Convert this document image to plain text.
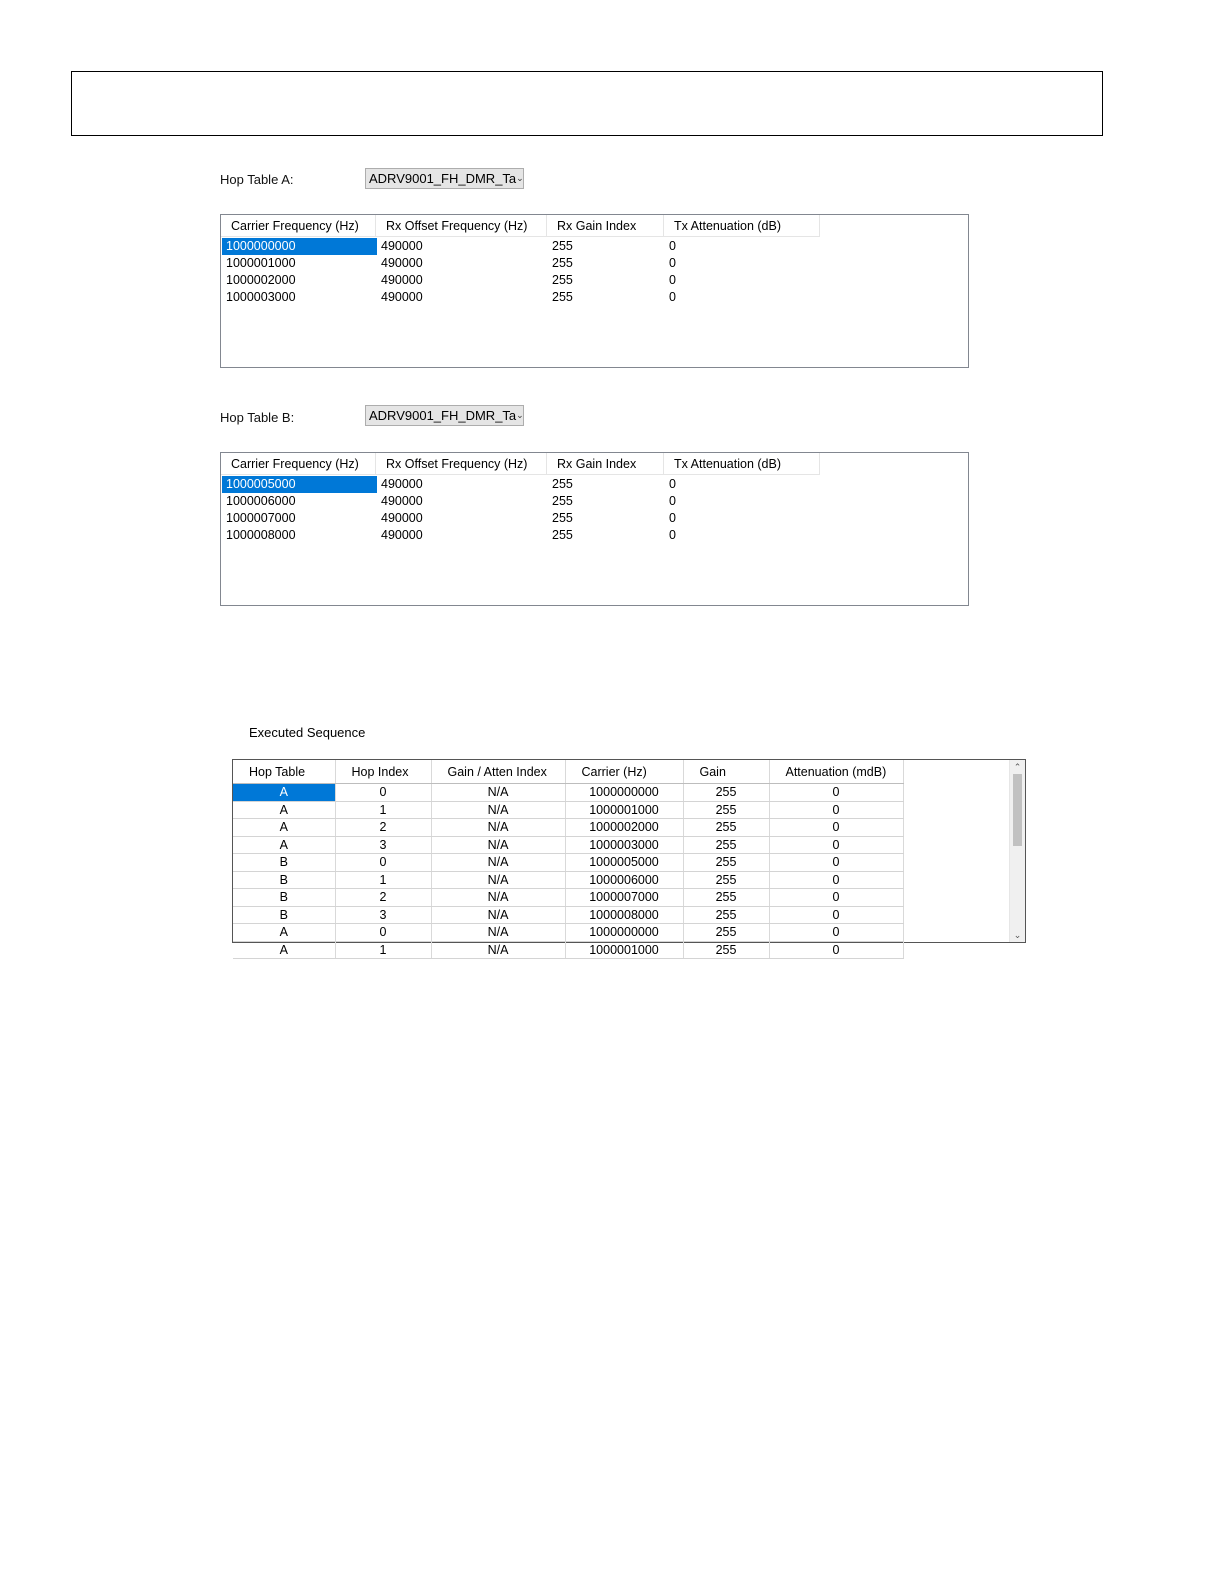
Hop Table A:	ADRV9001_FH_DMR_Ta ⌄
Carrier Frequency (Hz)	Rx Offset Frequency (Hz)	Rx Gain Index	Tx Attenuation (dB)
1000000000	490000	255	0
1000001000	490000	255	0
1000002000	490000	255	0
1000003000	490000	255	0
Hop Table B:	ADRV9001_FH_DMR_Ta ⌄
Carrier Frequency (Hz)	Rx Offset Frequency (Hz)	Rx Gain Index	Tx Attenuation (dB)
1000005000	490000	255	0
1000006000	490000	255	0
1000007000	490000	255	0
1000008000	490000	255	0
Executed Sequence
Hop Table	Hop Index	Gain / Atten Index	Carrier (Hz)	Gain	Attenuation (mdB)
A	0	N/A	1000000000	255	0
A	1	N/A	1000001000	255	0
A	2	N/A	1000002000	255	0
A	3	N/A	1000003000	255	0
B	0	N/A	1000005000	255	0
B	1	N/A	1000006000	255	0
B	2	N/A	1000007000	255	0
B	3	N/A	1000008000	255	0
A	0	N/A	1000000000	255	0
A	1	N/A	1000001000	255	0
⌃
⌄
